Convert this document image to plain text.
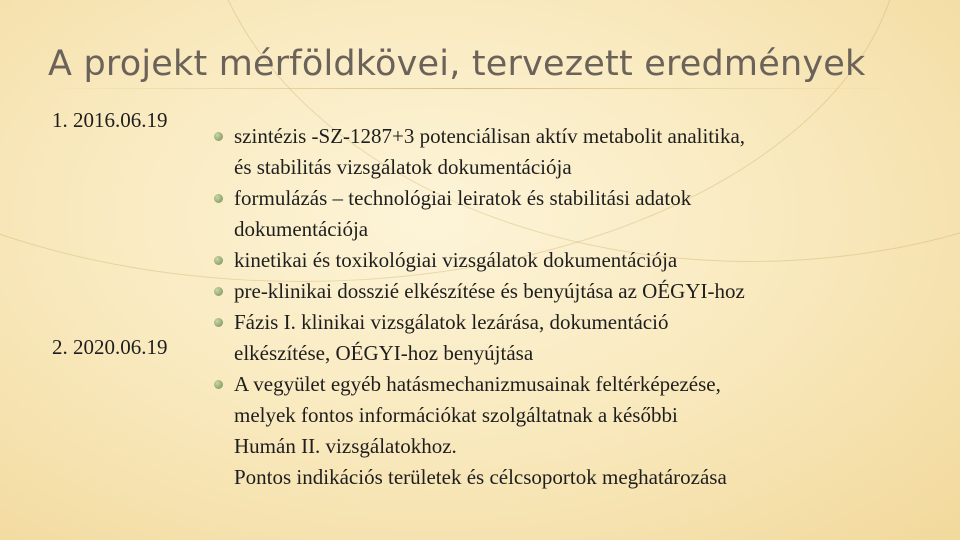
A projekt mérföldkövei, tervezett eredmények
1. 2016.06.19
2. 2020.06.19
szintézis -SZ-1287+3 potenciálisan aktív metabolit analitika,
és stabilitás vizsgálatok dokumentációja
formulázás – technológiai leiratok és stabilitási adatok
dokumentációja
kinetikai és toxikológiai vizsgálatok dokumentációja
pre-klinikai dosszié elkészítése és benyújtása az OÉGYI-hoz
Fázis I. klinikai vizsgálatok lezárása, dokumentáció
elkészítése, OÉGYI-hoz benyújtása
A vegyület egyéb hatásmechanizmusainak feltérképezése,
melyek fontos információkat szolgáltatnak a későbbi
Humán II. vizsgálatokhoz.
Pontos indikációs területek és célcsoportok meghatározása
